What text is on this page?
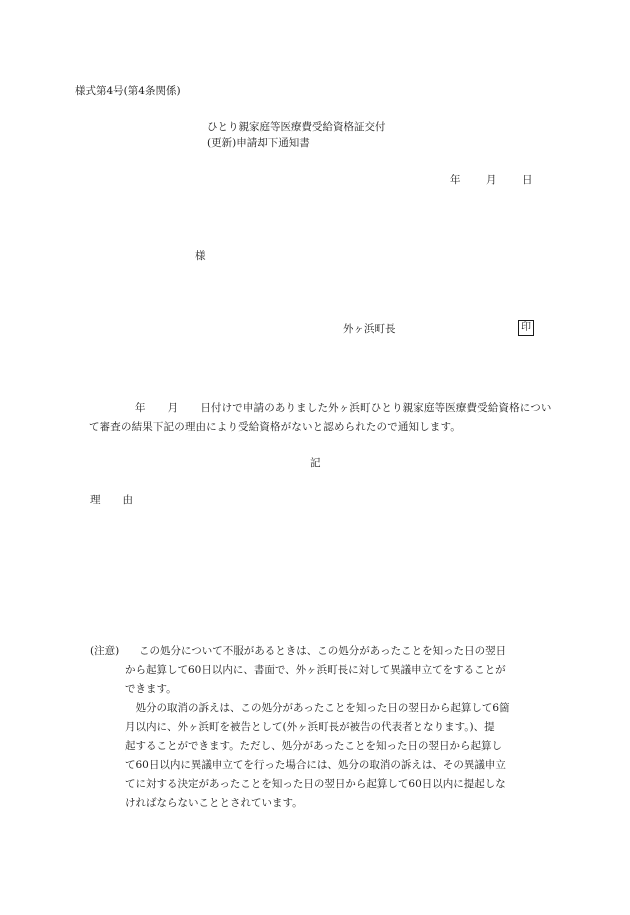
様式第4号(第4条関係)
ひとり親家庭等医療費受給資格証交付
(更新)申請却下通知書
年 月 日
様
外ヶ浜町長	印
年 月 日付けで申請のありました外ヶ浜町ひとり親家庭等医療費受給資格について審査の結果下記の理由により受給資格がないと認められたので通知します。
記
理 由
(注意) この処分について不服があるときは、この処分があったことを知った日の翌日
から起算して60日以内に、書面で、外ヶ浜町長に対して異議申立てをすることが
できます。
　処分の取消の訴えは、この処分があったことを知った日の翌日から起算して6箇
月以内に、外ヶ浜町を被告として(外ヶ浜町長が被告の代表者となります。)、提
起することができます。ただし、処分があったことを知った日の翌日から起算し
て60日以内に異議申立てを行った場合には、処分の取消の訴えは、その異議申立
てに対する決定があったことを知った日の翌日から起算して60日以内に提起しな
ければならないこととされています。
